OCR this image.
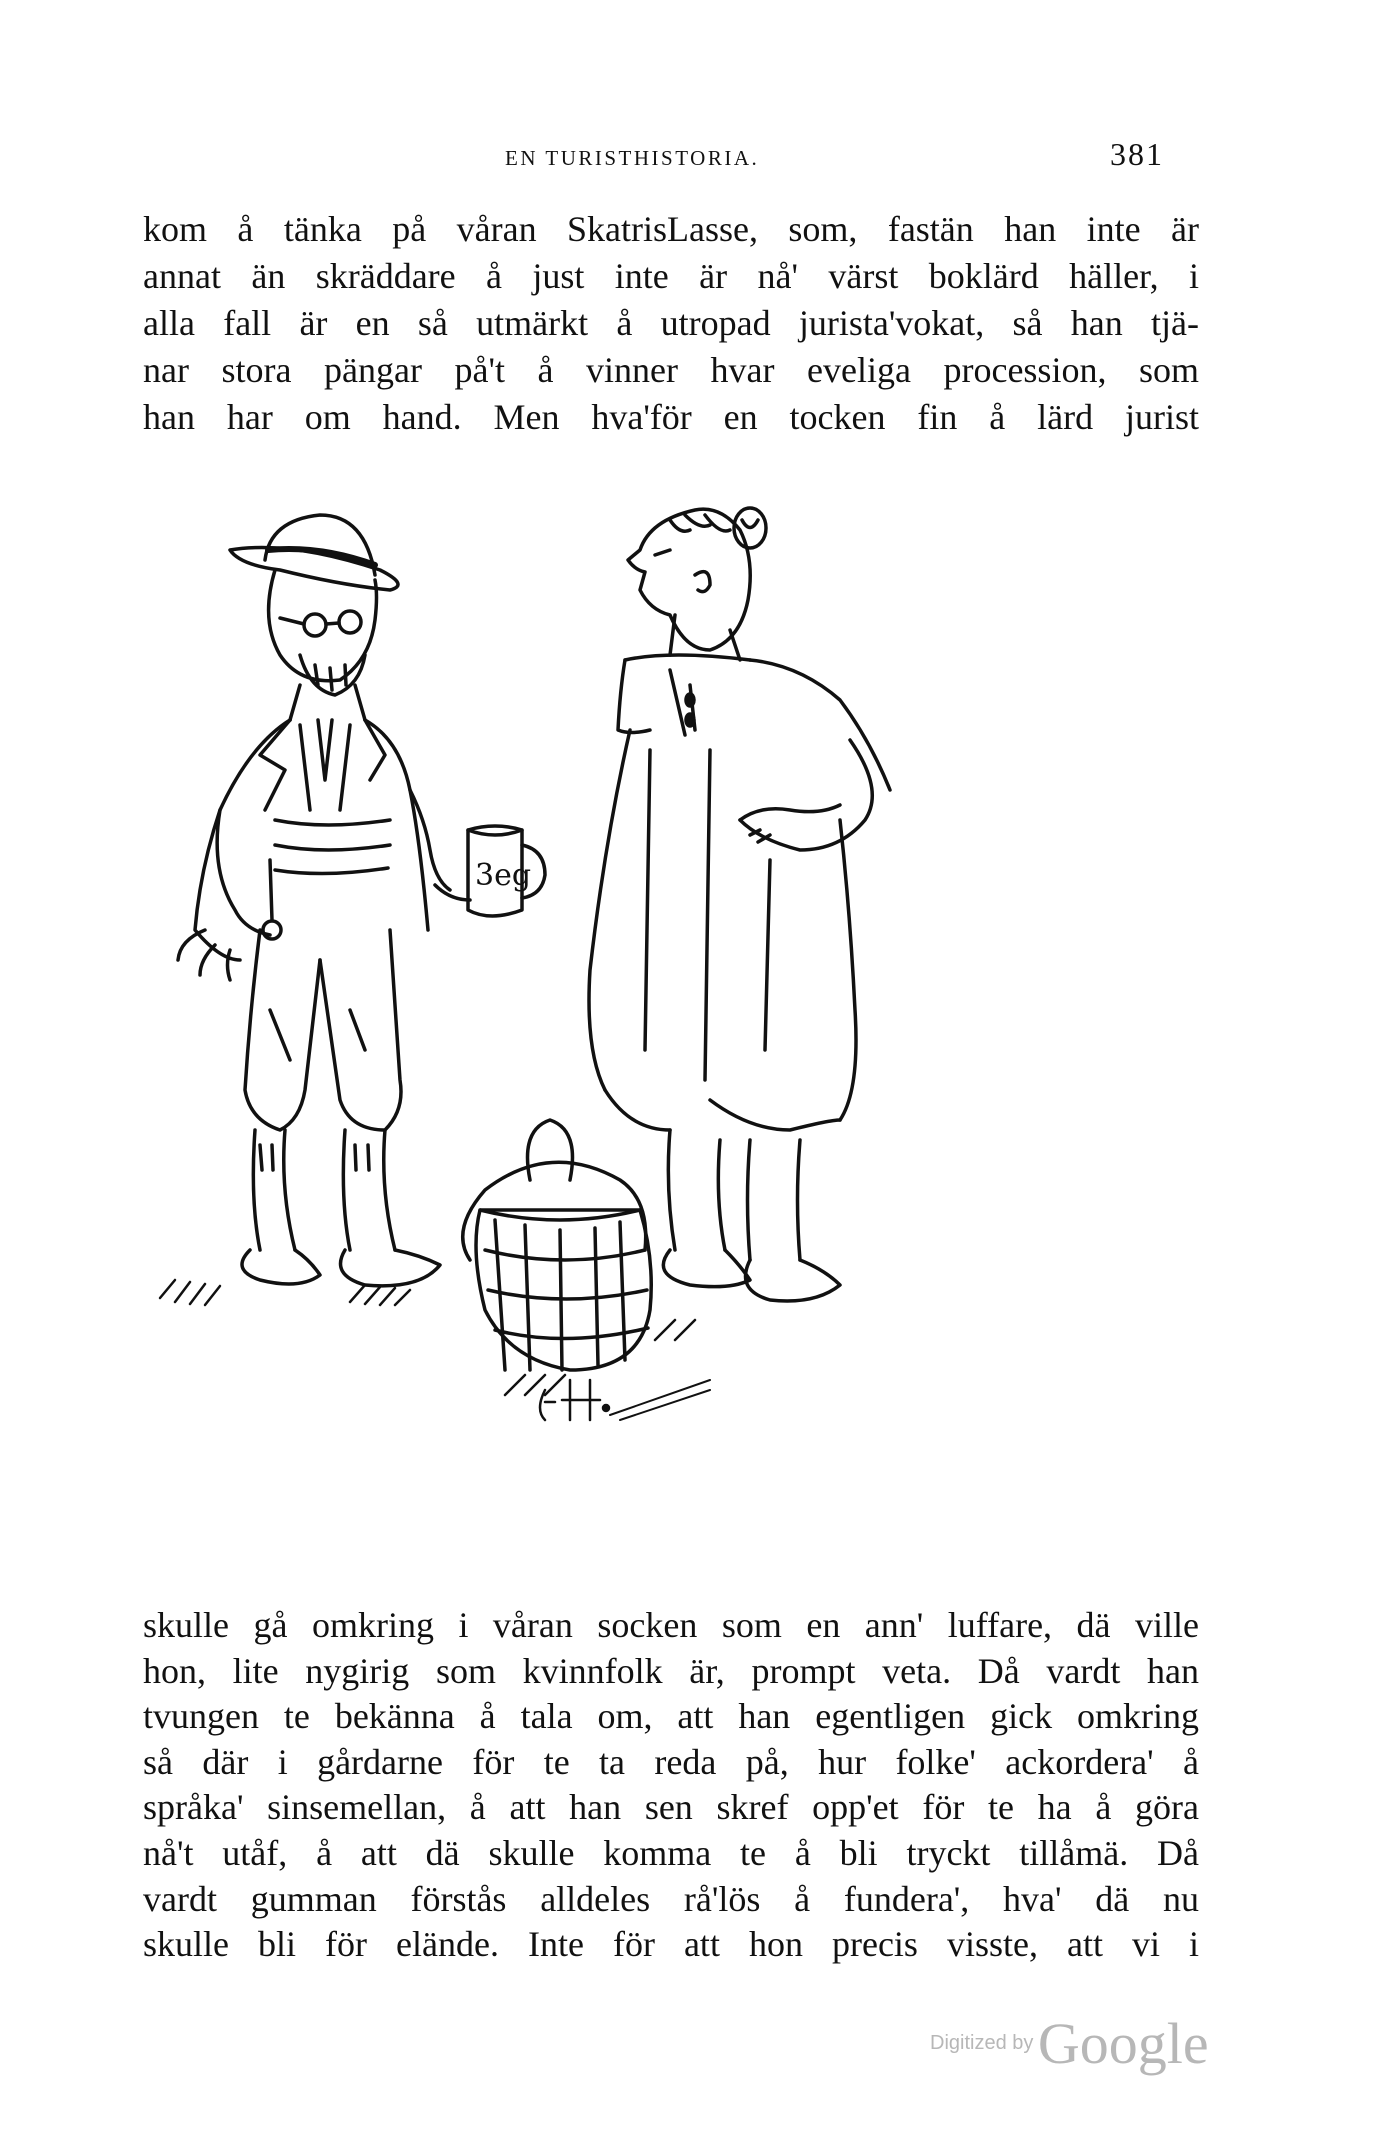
EN TURISTHISTORIA.	381
kom å tänka på våran SkatrisLasse, som, fastän han inte är
annat än skräddare å just inte är nå' värst boklärd häller, i
alla fall är en så utmärkt å utropad jurista'vokat, så han tjä-
nar stora pängar på't å vinner hvar eveliga procession, som
han har om hand. Men hva'för en tocken fin å lärd jurist
3eg
skulle gå omkring i våran socken som en ann' luffare, dä ville
hon, lite nygirig som kvinnfolk är, prompt veta. Då vardt han
tvungen te bekänna å tala om, att han egentligen gick omkring
så där i gårdarne för te ta reda på, hur folke' ackordera' å
språka' sinsemellan, å att han sen skref opp'et för te ha å göra
nå't utåf, å att dä skulle komma te å bli tryckt tillåmä. Då
vardt gumman förstås alldeles rå'lös å fundera', hva' dä nu
skulle bli för elände. Inte för att hon precis visste, att vi i
Digitized by Google
